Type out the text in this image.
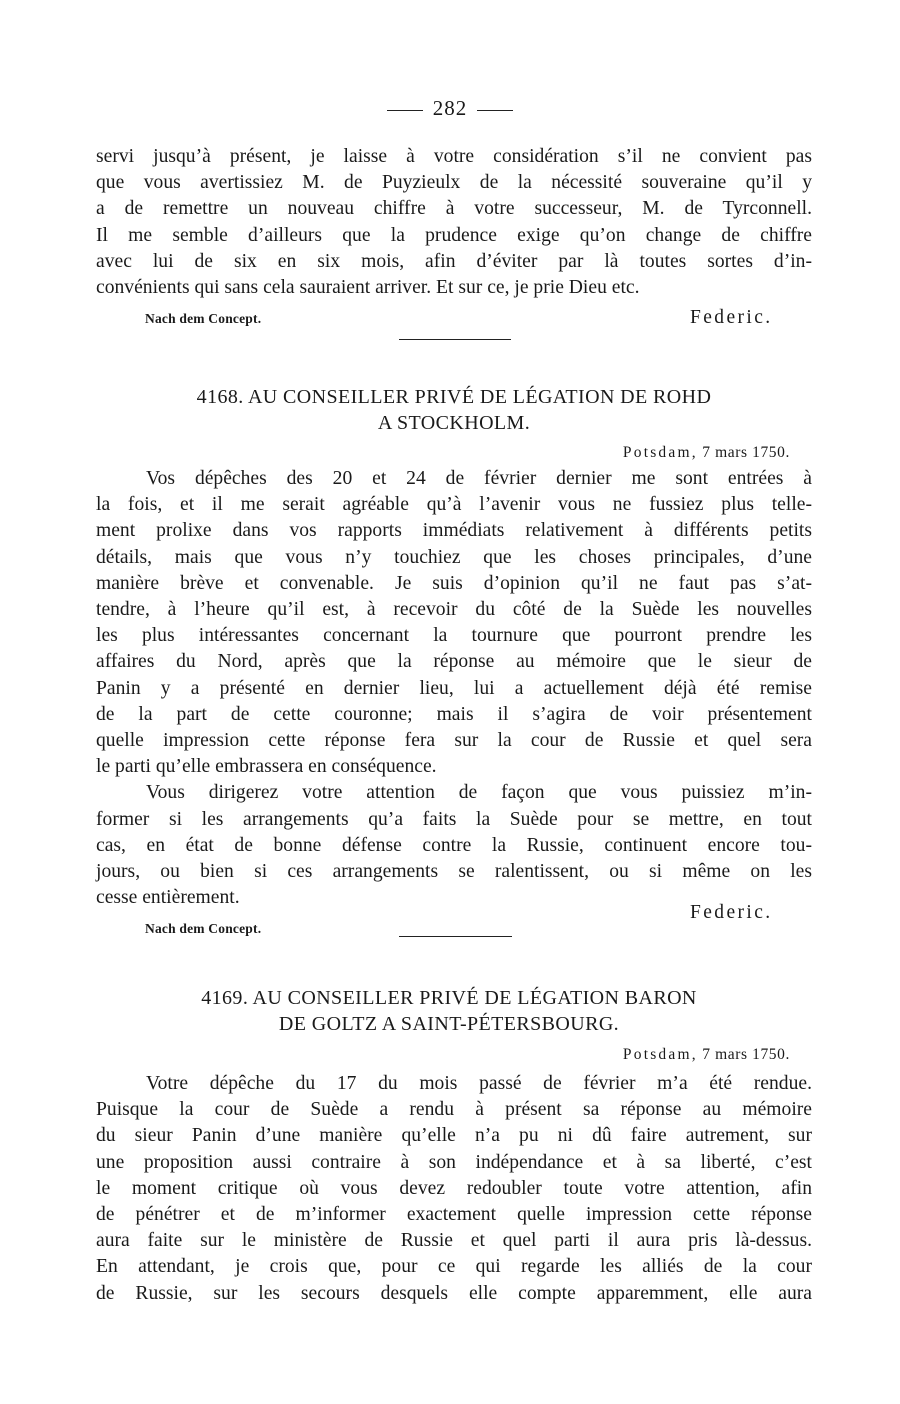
282

servi jusqu’à présent, je laisse à votre considération s’il ne convient pas
que vous avertissiez M. de Puyzieulx de la nécessité souveraine qu’il y
a de remettre un nouveau chiffre à votre successeur, M. de Tyrconnell.
Il me semble d’ailleurs que la prudence exige qu’on change de chiffre
avec lui de six en six mois, afin d’éviter par là toutes sortes d’in-
convénients qui sans cela sauraient arriver. Et sur ce, je prie Dieu etc.

Nach dem Concept.	Federic.
4168. AU CONSEILLER PRIVÉ DE LÉGATION DE ROHD
A STOCKHOLM.
Potsdam, 7 mars 1750.

Vos dépêches des 20 et 24 de février dernier me sont entrées à
la fois, et il me serait agréable qu’à l’avenir vous ne fussiez plus telle-
ment prolixe dans vos rapports immédiats relativement à différents petits
détails, mais que vous n’y touchiez que les choses principales, d’une
manière brève et convenable. Je suis d’opinion qu’il ne faut pas s’at-
tendre, à l’heure qu’il est, à recevoir du côté de la Suède les nouvelles
les plus intéressantes concernant la tournure que pourront prendre les
affaires du Nord, après que la réponse au mémoire que le sieur de
Panin y a présenté en dernier lieu, lui a actuellement déjà été remise
de la part de cette couronne; mais il s’agira de voir présentement
quelle impression cette réponse fera sur la cour de Russie et quel sera
le parti qu’elle embrassera en conséquence.

Vous dirigerez votre attention de façon que vous puissiez m’in-
former si les arrangements qu’a faits la Suède pour se mettre, en tout
cas, en état de bonne défense contre la Russie, continuent encore tou-
jours, ou bien si ces arrangements se ralentissent, ou si même on les
cesse entièrement.

Federic.
Nach dem Concept.
4169. AU CONSEILLER PRIVÉ DE LÉGATION BARON
DE GOLTZ A SAINT-PÉTERSBOURG.
Potsdam, 7 mars 1750.

Votre dépêche du 17 du mois passé de février m’a été rendue.
Puisque la cour de Suède a rendu à présent sa réponse au mémoire
du sieur Panin d’une manière qu’elle n’a pu ni dû faire autrement, sur
une proposition aussi contraire à son indépendance et à sa liberté, c’est
le moment critique où vous devez redoubler toute votre attention, afin
de pénétrer et de m’informer exactement quelle impression cette réponse
aura faite sur le ministère de Russie et quel parti il aura pris là-dessus.
En attendant, je crois que, pour ce qui regarde les alliés de la cour
de Russie, sur les secours desquels elle compte apparemment, elle aura
